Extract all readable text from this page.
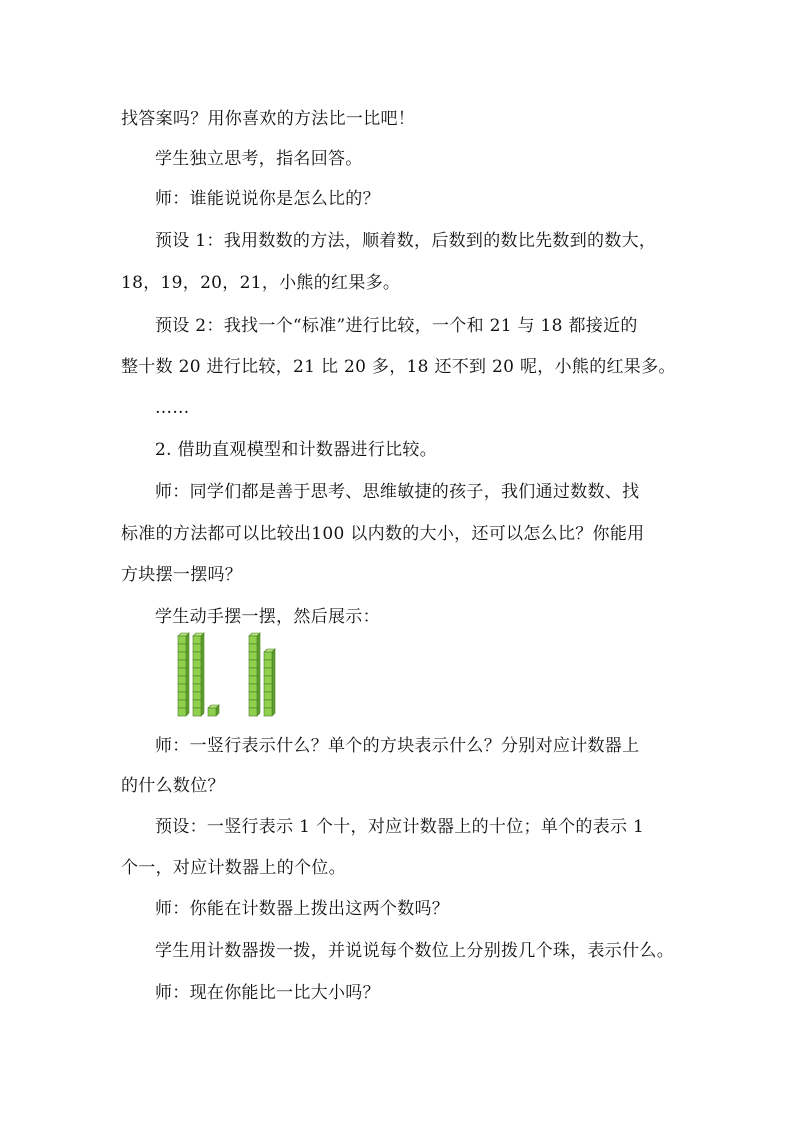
找答案吗？用你喜欢的方法比一比吧！
学生独立思考，指名回答。
师：谁能说说你是怎么比的？
预设 1：我用数数的方法，顺着数，后数到的数比先数到的数大，
18，19，20，21，小熊的红果多。
预设 2：我找一个“标准”进行比较，一个和 21 与 18 都接近的
整十数 20 进行比较，21 比 20 多，18 还不到 20 呢，小熊的红果多。
……
2. 借助直观模型和计数器进行比较。
师：同学们都是善于思考、思维敏捷的孩子，我们通过数数、找
标准的方法都可以比较出100 以内数的大小，还可以怎么比？你能用
方块摆一摆吗？
学生动手摆一摆，然后展示：
师：一竖行表示什么？单个的方块表示什么？分别对应计数器上
的什么数位？
预设：一竖行表示 1 个十，对应计数器上的十位；单个的表示 1
个一，对应计数器上的个位。
师：你能在计数器上拨出这两个数吗？
学生用计数器拨一拨，并说说每个数位上分别拨几个珠，表示什么。
师：现在你能比一比大小吗？
